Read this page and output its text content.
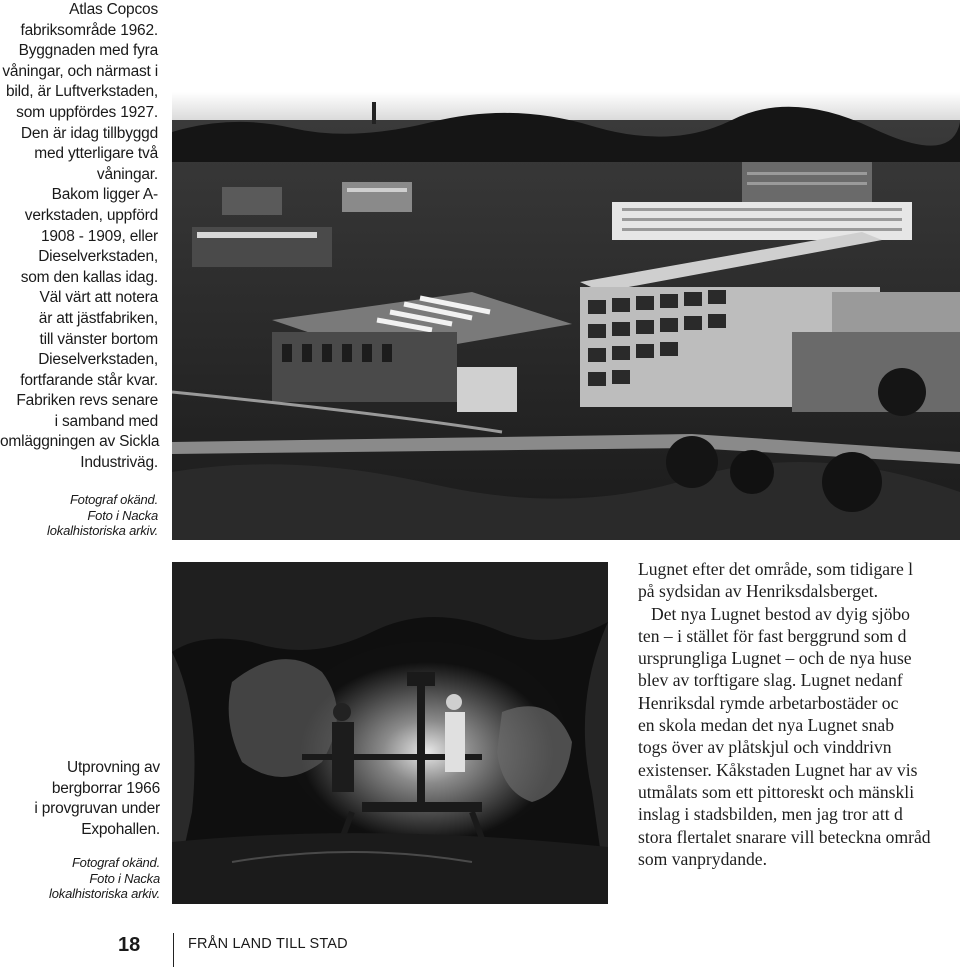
Atlas Copcos
fabriksområde 1962.
Byggnaden med fyra
våningar, och närmast i
bild, är Luftverkstaden,
som uppfördes 1927.
Den är idag tillbyggd
med ytterligare två
våningar.
Bakom ligger A-
verkstaden, uppförd
1908 - 1909, eller
Dieselverkstaden,
som den kallas idag.
Väl värt att notera
är att jästfabriken,
till vänster bortom
Dieselverkstaden,
fortfarande står kvar.
Fabriken revs senare
i samband med
omläggningen av Sickla
Industriväg.
Fotograf okänd.
Foto i Nacka
lokalhistoriska arkiv.
Utprovning av
bergborrar 1966
i provgruvan under
Expohallen.
Fotograf okänd.
Foto i Nacka
lokalhistoriska arkiv.
Lugnet efter det område, som tidigare l
på sydsidan av Henriksdalsberget.
Det nya Lugnet bestod av dyig sjöbo
ten – i stället för fast berggrund som d
ursprungliga Lugnet – och de nya huse
blev av torftigare slag. Lugnet nedanf
Henriksdal rymde arbetarbostäder oc
en skola medan det nya Lugnet snab
togs över av plåtskjul och vinddrivn
existenser. Kåkstaden Lugnet har av vis
utmålats som ett pittoreskt och mänskli
inslag i stadsbilden, men jag tror att d
stora flertalet snarare vill beteckna områd
som vanprydande.
18	FRÅN LAND TILL STAD
